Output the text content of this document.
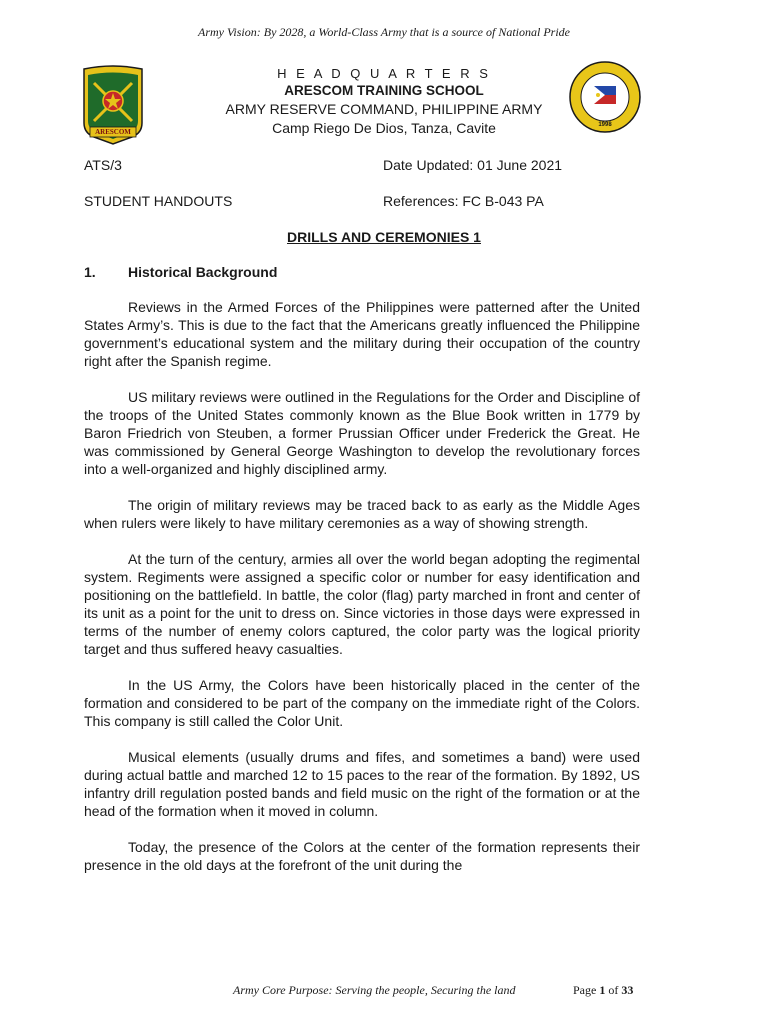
Army Vision: By 2028, a World-Class Army that is a source of National Pride
ARESCOM
1998
H E A D Q U A R T E R S
ARESCOM TRAINING SCHOOL
ARMY RESERVE COMMAND, PHILIPPINE ARMY
Camp Riego De Dios, Tanza, Cavite
ATS/3	Date Updated: 01 June 2021
STUDENT HANDOUTS	References: FC B-043 PA
DRILLS AND CEREMONIES 1
1. Historical Background

Reviews in the Armed Forces of the Philippines were patterned after the United States Army’s. This is due to the fact that the Americans greatly influenced the Philippine government’s educational system and the military during their occupation of the country right after the Spanish regime.

US military reviews were outlined in the Regulations for the Order and Discipline of the troops of the United States commonly known as the Blue Book written in 1779 by Baron Friedrich von Steuben, a former Prussian Officer under Frederick the Great. He was commissioned by General George Washington to develop the revolutionary forces into a well-organized and highly disciplined army.

The origin of military reviews may be traced back to as early as the Middle Ages when rulers were likely to have military ceremonies as a way of showing strength.

At the turn of the century, armies all over the world began adopting the regimental system. Regiments were assigned a specific color or number for easy identification and positioning on the battlefield. In battle, the color (flag) party marched in front and center of its unit as a point for the unit to dress on. Since victories in those days were expressed in terms of the number of enemy colors captured, the color party was the logical priority target and thus suffered heavy casualties.

In the US Army, the Colors have been historically placed in the center of the formation and considered to be part of the company on the immediate right of the Colors. This company is still called the Color Unit.

Musical elements (usually drums and fifes, and sometimes a band) were used during actual battle and marched 12 to 15 paces to the rear of the formation. By 1892, US infantry drill regulation posted bands and field music on the right of the formation or at the head of the formation when it moved in column.

Today, the presence of the Colors at the center of the formation represents their presence in the old days at the forefront of the unit during the

Army Core Purpose: Serving the people, Securing the land	Page 1 of 33
